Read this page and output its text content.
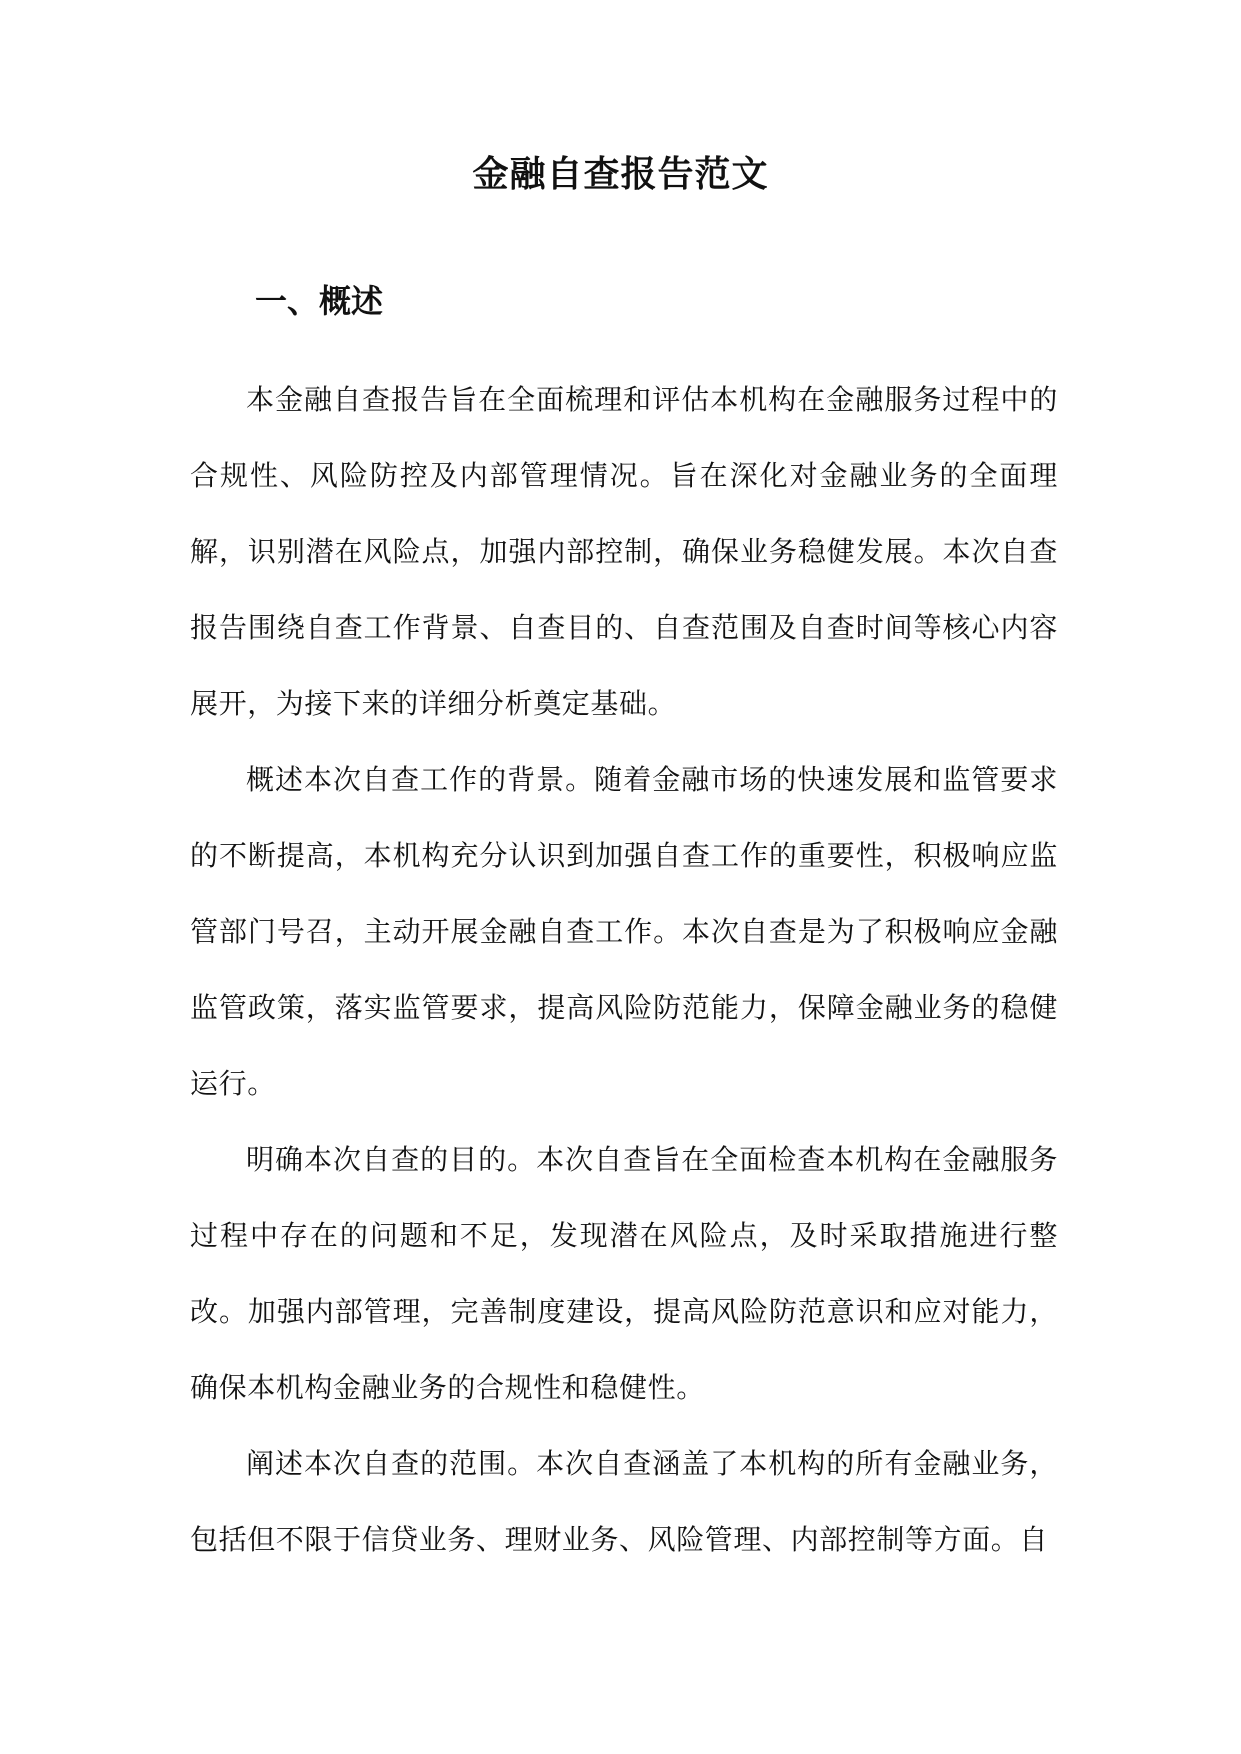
金融自查报告范文
一、概述

本金融自查报告旨在全面梳理和评估本机构在金融服务过程中的合规性、风险防控及内部管理情况。旨在深化对金融业务的全面理解，识别潜在风险点，加强内部控制，确保业务稳健发展。本次自查报告围绕自查工作背景、自查目的、自查范围及自查时间等核心内容展开，为接下来的详细分析奠定基础。

概述本次自查工作的背景。随着金融市场的快速发展和监管要求的不断提高，本机构充分认识到加强自查工作的重要性，积极响应监管部门号召，主动开展金融自查工作。本次自查是为了积极响应金融监管政策，落实监管要求，提高风险防范能力，保障金融业务的稳健运行。

明确本次自查的目的。本次自查旨在全面检查本机构在金融服务过程中存在的问题和不足，发现潜在风险点，及时采取措施进行整改。加强内部管理，完善制度建设，提高风险防范意识和应对能力，确保本机构金融业务的合规性和稳健性。

阐述本次自查的范围。本次自查涵盖了本机构的所有金融业务，包括但不限于信贷业务、理财业务、风险管理、内部控制等方面。自
